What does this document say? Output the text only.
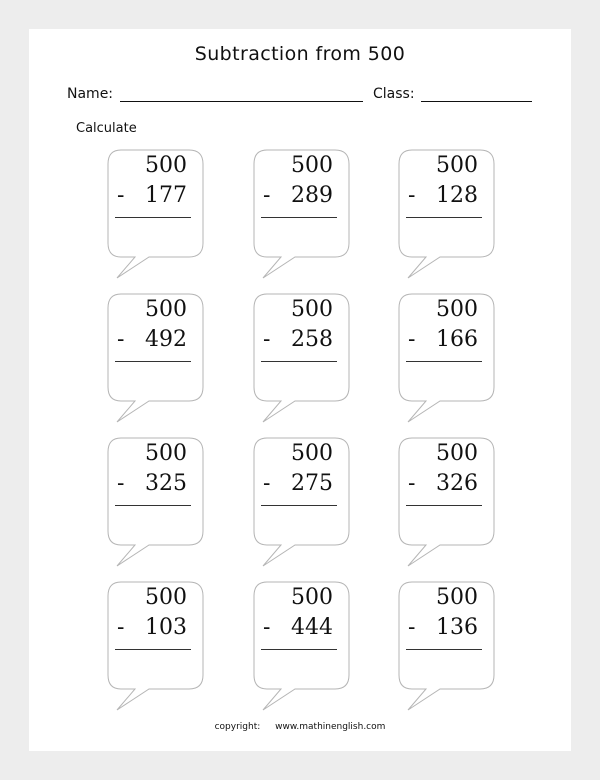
Subtraction from 500
Name:	Class:
Calculate
500
- 177
500
- 289
500
- 128
500
- 492
500
- 258
500
- 166
500
- 325
500
- 275
500
- 326
500
- 103
500
- 444
500
- 136
copyright: www.mathinenglish.com
